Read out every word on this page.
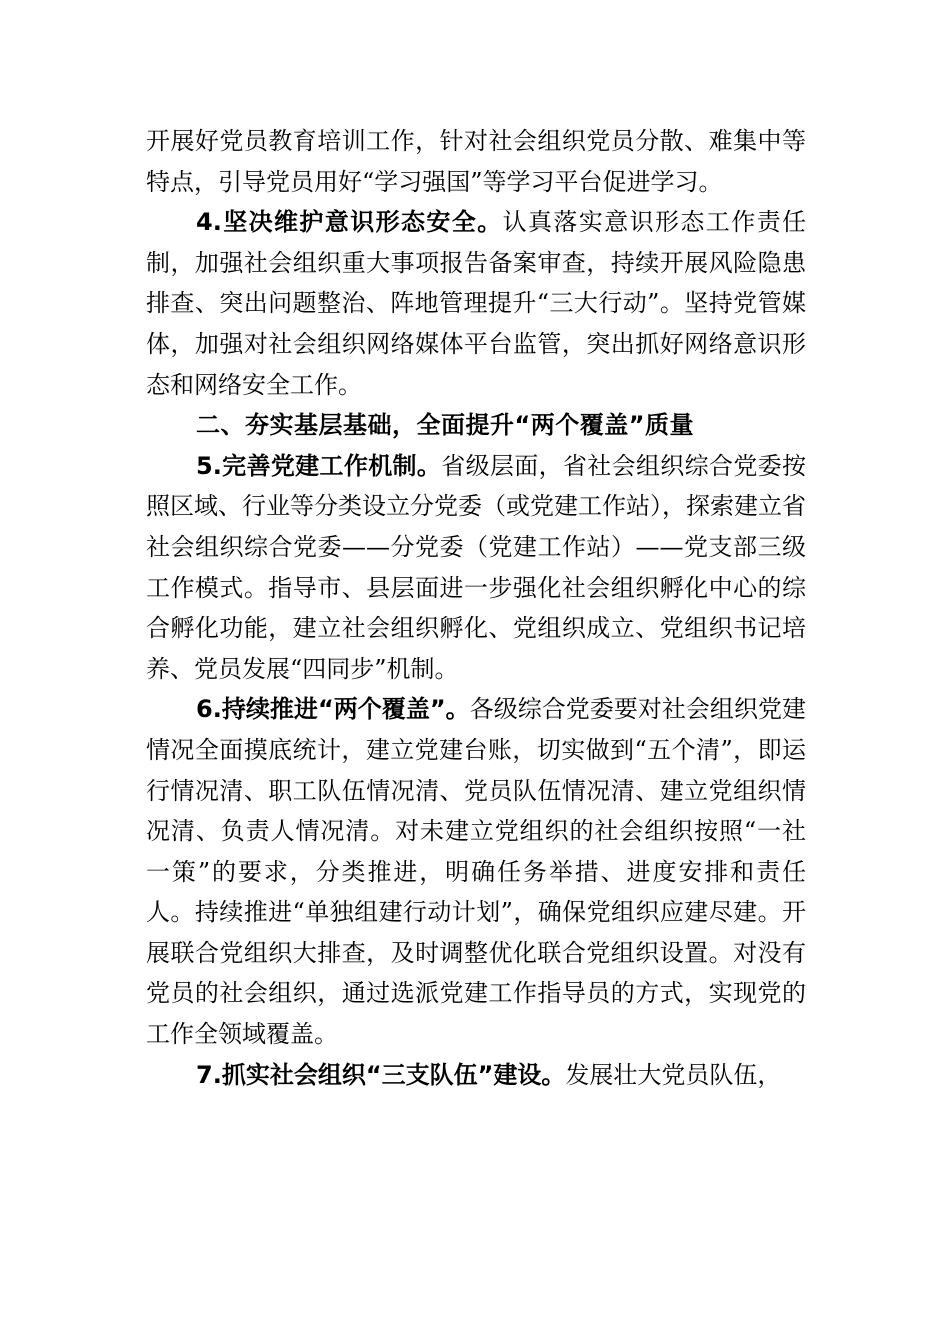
开展好党员教育培训工作，针对社会组织党员分散、难集中等特点，引导党员用好“学习强国”等学习平台促进学习。

4.坚决维护意识形态安全。认真落实意识形态工作责任制，加强社会组织重大事项报告备案审查，持续开展风险隐患排查、突出问题整治、阵地管理提升“三大行动”。坚持党管媒体，加强对社会组织网络媒体平台监管，突出抓好网络意识形态和网络安全工作。

二、夯实基层基础，全面提升“两个覆盖”质量

5.完善党建工作机制。省级层面，省社会组织综合党委按照区域、行业等分类设立分党委（或党建工作站），探索建立省社会组织综合党委——分党委（党建工作站）——党支部三级工作模式。指导市、县层面进一步强化社会组织孵化中心的综合孵化功能，建立社会组织孵化、党组织成立、党组织书记培养、党员发展“四同步”机制。

6.持续推进“两个覆盖”。各级综合党委要对社会组织党建情况全面摸底统计，建立党建台账，切实做到“五个清”，即运行情况清、职工队伍情况清、党员队伍情况清、建立党组织情况清、负责人情况清。对未建立党组织的社会组织按照“一社一策”的要求，分类推进，明确任务举措、进度安排和责任人。持续推进“单独组建行动计划”，确保党组织应建尽建。开展联合党组织大排查，及时调整优化联合党组织设置。对没有党员的社会组织，通过选派党建工作指导员的方式，实现党的工作全领域覆盖。

7.抓实社会组织“三支队伍”建设。发展壮大党员队伍，
